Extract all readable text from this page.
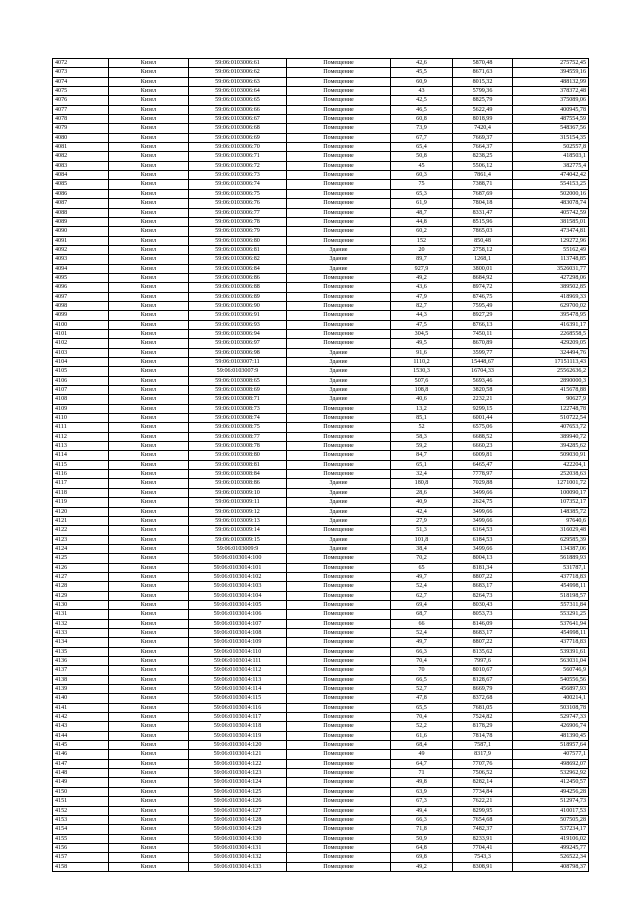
4072	Кизел	59:06:0103006:61	Помещение	42,6	5870,48	275752,45
4073	Кизел	59:06:0103006:62	Помещение	45,5	8671,63	394559,16
4074	Кизел	59:06:0103006:63	Помещение	60,9	8015,32	488132,99
4075	Кизел	59:06:0103006:64	Помещение	43	5799,36	378372,48
4076	Кизел	59:06:0103006:65	Помещение	42,5	8825,79	375089,06
4077	Кизел	59:06:0103006:66	Помещение	46,5	5622,49	400945,78
4078	Кизел	59:06:0103006:67	Помещение	60,8	8018,99	487554,59
4079	Кизел	59:06:0103006:68	Помещение	73,9	7420,4	548367,56
4080	Кизел	59:06:0103006:69	Помещение	67,7	7669,37	315154,35
4081	Кизел	59:06:0103006:70	Помещение	65,4	7664,37	502557,8
4082	Кизел	59:06:0103006:71	Помещение	50,8	8238,25	418503,1
4083	Кизел	59:06:0103006:72	Помещение	45	5506,12	382775,4
4084	Кизел	59:06:0103006:73	Помещение	60,3	7861,4	474042,42
4085	Кизел	59:06:0103006:74	Помещение	75	7388,71	554153,25
4086	Кизел	59:06:0103006:75	Помещение	65,3	7687,69	502000,16
4087	Кизел	59:06:0103006:76	Помещение	61,9	7804,18	483078,74
4088	Кизел	59:06:0103006:77	Помещение	48,7	8331,47	405742,59
4089	Кизел	59:06:0103006:78	Помещение	44,8	8515,96	381585,01
4090	Кизел	59:06:0103006:79	Помещение	60,2	7865,03	473474,81
4091	Кизел	59:06:0103006:80	Помещение	152	850,48	129272,96
4092	Кизел	59:06:0103006:81	Здание	20	2758,12	55162,49
4093	Кизел	59:06:0103006:82	Здание	89,7	1268,1	113748,85
4094	Кизел	59:06:0103006:84	Здание	927,9	3800,01	3526031,77
4095	Кизел	59:06:0103006:86	Помещение	49,2	8684,92	427298,06
4096	Кизел	59:06:0103006:88	Помещение	43,6	8974,72	389502,85
4097	Кизел	59:06:0103006:89	Помещение	47,9	8746,75	418969,33
4098	Кизел	59:06:0103006:90	Помещение	82,7	7595,49	629700,02
4099	Кизел	59:06:0103006:91	Помещение	44,3	8927,29	395478,95
4100	Кизел	59:06:0103006:93	Помещение	47,5	8766,13	416391,17
4101	Кизел	59:06:0103006:94	Помещение	304,5	7450,11	2268558,5
4102	Кизел	59:06:0103006:97	Помещение	49,5	8670,89	429209,05
4103	Кизел	59:06:0103006:98	Здание	91,6	3599,77	324494,76
4104	Кизел	59:06:0103007:11	Здание	1110,2	15448,67	17151113,43
4105	Кизел	59:06:0103007:9	Здание	1530,3	16704,33	25562636,2
4106	Кизел	59:06:0103008:65	Здание	507,6	5693,46	2890000,3
4107	Кизел	59:06:0103008:69	Здание	108,8	3820,58	415678,88
4108	Кизел	59:06:0103008:71	Здание	40,6	2232,21	90627,9
4109	Кизел	59:06:0103008:73	Помещение	13,2	9299,15	122748,78
4110	Кизел	59:06:0103008:74	Помещение	85,1	6001,44	510722,54
4111	Кизел	59:06:0103008:75	Помещение	52	6575,06	407653,72
4112	Кизел	59:06:0103008:77	Помещение	58,3	6688,52	389940,72
4113	Кизел	59:06:0103008:78	Помещение	59,2	6660,23	394285,62
4114	Кизел	59:06:0103008:80	Помещение	84,7	6009,81	509030,91
4115	Кизел	59:06:0103008:81	Помещение	65,1	6465,47	422204,1
4116	Кизел	59:06:0103008:84	Помещение	32,4	7778,97	252038,63
4117	Кизел	59:06:0103008:86	Здание	180,8	7029,88	1271001,72
4118	Кизел	59:06:0103009:10	Здание	28,6	3499,66	100090,17
4119	Кизел	59:06:0103009:11	Здание	40,9	2624,75	107352,17
4120	Кизел	59:06:0103009:12	Здание	42,4	3499,66	148385,72
4121	Кизел	59:06:0103009:13	Здание	27,9	3499,66	97640,6
4122	Кизел	59:06:0103009:14	Помещение	51,3	6164,53	316029,48
4123	Кизел	59:06:0103009:15	Здание	101,8	6184,53	629585,39
4124	Кизел	59:06:0103009:9	Здание	38,4	3499,66	134387,06
4125	Кизел	59:06:0103014:100	Помещение	70,2	8004,13	561889,93
4126	Кизел	59:06:0103014:101	Помещение	65	8181,34	531787,1
4127	Кизел	59:06:0103014:102	Помещение	49,7	8807,22	437718,83
4128	Кизел	59:06:0103014:103	Помещение	52,4	8683,17	454998,11
4129	Кизел	59:06:0103014:104	Помещение	62,7	8264,73	518198,57
4130	Кизел	59:06:0103014:105	Помещение	69,4	8030,43	557311,84
4131	Кизел	59:06:0103014:106	Помещение	68,7	8053,73	553291,25
4132	Кизел	59:06:0103014:107	Помещение	66	8146,09	537641,94
4133	Кизел	59:06:0103014:108	Помещение	52,4	8683,17	454998,11
4134	Кизел	59:06:0103014:109	Помещение	49,7	8807,22	437718,83
4135	Кизел	59:06:0103014:110	Помещение	66,3	8135,62	539391,61
4136	Кизел	59:06:0103014:111	Помещение	70,4	7997,6	563031,04
4137	Кизел	59:06:0103014:112	Помещение	70	8010,67	560746,9
4138	Кизел	59:06:0103014:113	Помещение	66,5	8128,67	540556,56
4139	Кизел	59:06:0103014:114	Помещение	52,7	8669,79	456897,93
4140	Кизел	59:06:0103014:115	Помещение	47,8	8372,68	400214,1
4141	Кизел	59:06:0103014:116	Помещение	65,5	7681,05	503108,78
4142	Кизел	59:06:0103014:117	Помещение	70,4	7524,82	529747,33
4143	Кизел	59:06:0103014:118	Помещение	52,2	8178,29	426906,74
4144	Кизел	59:06:0103014:119	Помещение	61,6	7814,78	481390,45
4145	Кизел	59:06:0103014:120	Помещение	68,4	7587,1	518957,64
4146	Кизел	59:06:0103014:121	Помещение	49	8317,9	407577,1
4147	Кизел	59:06:0103014:122	Помещение	64,7	7707,76	498692,07
4148	Кизел	59:06:0103014:123	Помещение	71	7506,52	532962,92
4149	Кизел	59:06:0103014:124	Помещение	49,8	8282,14	412450,57
4150	Кизел	59:06:0103014:125	Помещение	63,9	7734,84	494256,28
4151	Кизел	59:06:0103014:126	Помещение	67,3	7622,21	512974,73
4152	Кизел	59:06:0103014:127	Помещение	49,4	8299,95	410017,53
4153	Кизел	59:06:0103014:128	Помещение	66,3	7654,68	507505,28
4154	Кизел	59:06:0103014:129	Помещение	71,8	7482,37	537234,17
4155	Кизел	59:06:0103014:130	Помещение	50,9	8233,91	419106,02
4156	Кизел	59:06:0103014:131	Помещение	64,8	7704,41	499245,77
4157	Кизел	59:06:0103014:132	Помещение	69,8	7543,3	526522,34
4158	Кизел	59:06:0103014:133	Помещение	49,2	8308,91	408798,37
